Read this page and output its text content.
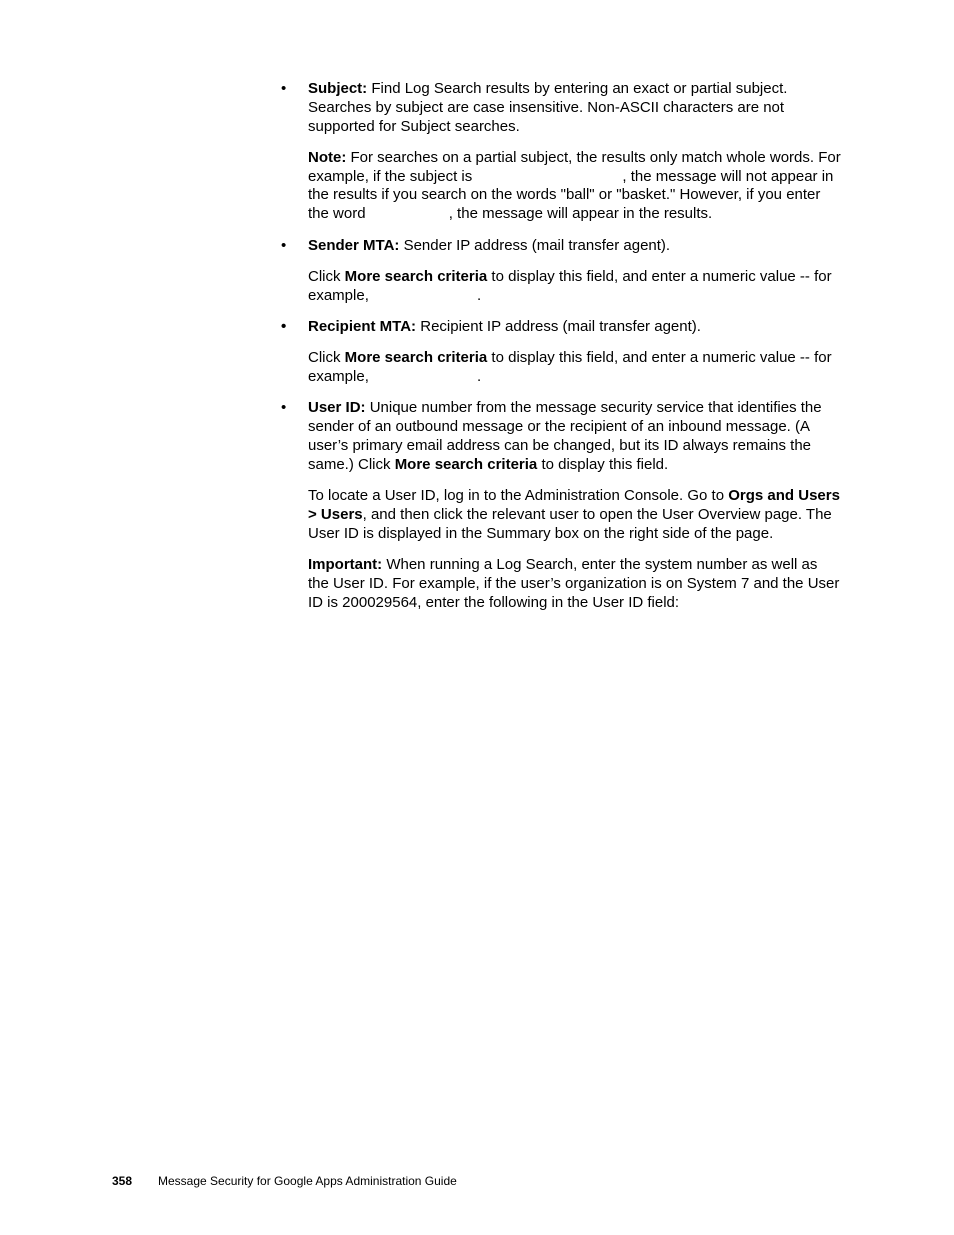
•	Subject: Find Log Search results by entering an exact or partial subject. Searches by subject are case insensitive. Non-ASCII characters are not supported for Subject searches.

Note: For searches on a partial subject, the results only match whole words. For example, if the subject is	, the message will not appear in the results if you search on the words "ball" or "basket." However, if you enter the word	, the message will appear in the results.

•	Sender MTA: Sender IP address (mail transfer agent).

Click More search criteria to display this field, and enter a numeric value -- for example,	.

•	Recipient MTA: Recipient IP address (mail transfer agent).

Click More search criteria to display this field, and enter a numeric value -- for example,	.

•	User ID: Unique number from the message security service that identifies the sender of an outbound message or the recipient of an inbound message. (A user’s primary email address can be changed, but its ID always remains the same.) Click More search criteria to display this field.

To locate a User ID, log in to the Administration Console. Go to Orgs and Users > Users, and then click the relevant user to open the User Overview page. The User ID is displayed in the Summary box on the right side of the page.

Important: When running a Log Search, enter the system number as well as the User ID. For example, if the user’s organization is on System 7 and the User ID is 200029564, enter the following in the User ID field:

358 Message Security for Google Apps Administration Guide
